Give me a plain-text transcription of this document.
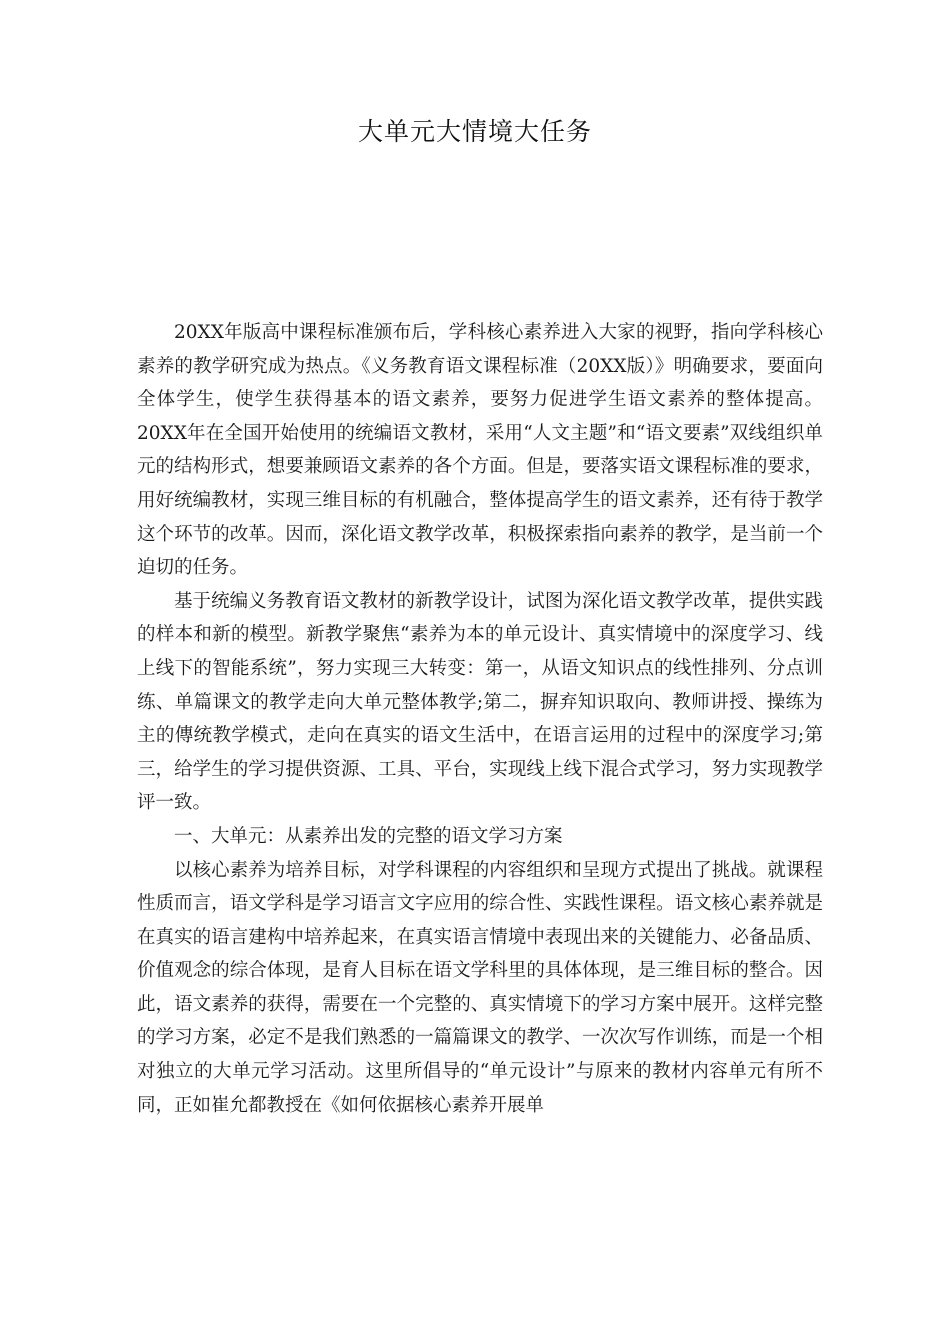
大单元大情境大任务

20XX年版高中课程标准颁布后，学科核心素养进入大家的视野，指向学科核心素养的教学研究成为热点。《义务教育语文课程标准（20XX版）》明确要求，要面向全体学生，使学生获得基本的语文素养，要努力促进学生语文素养的整体提高。20XX年在全国开始使用的统编语文教材，采用“人文主题”和“语文要素”双线组织单元的结构形式，想要兼顾语文素养的各个方面。但是，要落实语文课程标准的要求，用好统编教材，实现三维目标的有机融合，整体提高学生的语文素养，还有待于教学这个环节的改革。因而，深化语文教学改革，积极探索指向素养的教学，是当前一个迫切的任务。

基于统编义务教育语文教材的新教学设计，试图为深化语文教学改革，提供实践的样本和新的模型。新教学聚焦“素养为本的单元设计、真实情境中的深度学习、线上线下的智能系统”，努力实现三大转变：第一，从语文知识点的线性排列、分点训练、单篇课文的教学走向大单元整体教学;第二，摒弃知识取向、教师讲授、操练为主的傳统教学模式，走向在真实的语文生活中，在语言运用的过程中的深度学习;第三，给学生的学习提供资源、工具、平台，实现线上线下混合式学习，努力实现教学评一致。

一、大单元：从素养出发的完整的语文学习方案

以核心素养为培养目标，对学科课程的内容组织和呈现方式提出了挑战。就课程性质而言，语文学科是学习语言文字应用的综合性、实践性课程。语文核心素养就是在真实的语言建构中培养起来，在真实语言情境中表现出来的关键能力、必备品质、价值观念的综合体现，是育人目标在语文学科里的具体体现，是三维目标的整合。因此，语文素养的获得，需要在一个完整的、真实情境下的学习方案中展开。这样完整的学习方案，必定不是我们熟悉的一篇篇课文的教学、一次次写作训练，而是一个相对独立的大单元学习活动。这里所倡导的“单元设计”与原来的教材内容单元有所不同，正如崔允都教授在《如何依据核心素养开展单
